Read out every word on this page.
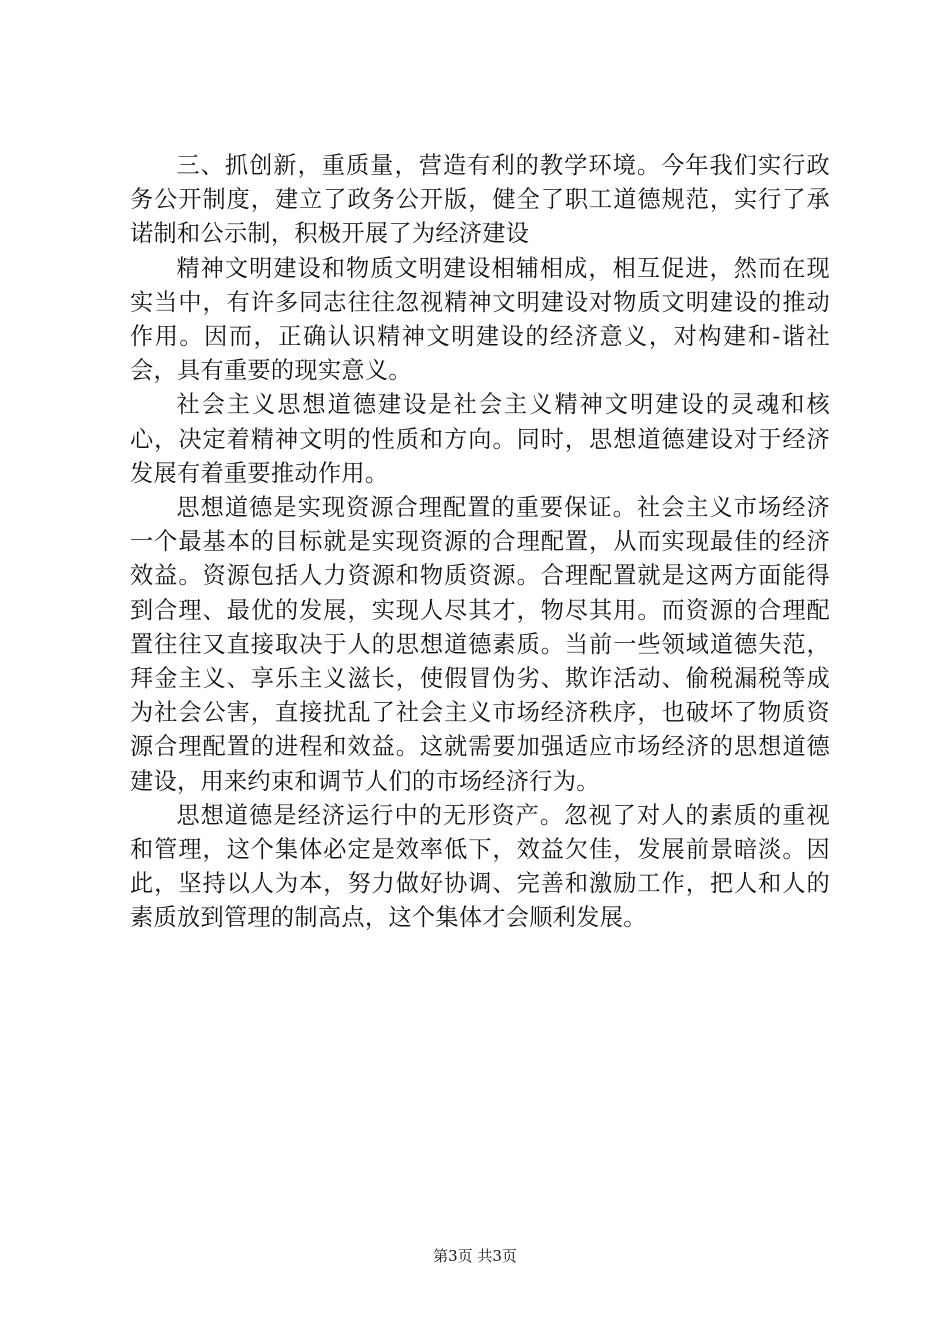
三、抓创新，重质量，营造有利的教学环境。今年我们实行政务公开制度，建立了政务公开版，健全了职工道德规范，实行了承诺制和公示制，积极开展了为经济建设

精神文明建设和物质文明建设相辅相成，相互促进，然而在现实当中，有许多同志往往忽视精神文明建设对物质文明建设的推动作用。因而，正确认识精神文明建设的经济意义，对构建和-谐社会，具有重要的现实意义。

社会主义思想道德建设是社会主义精神文明建设的灵魂和核心，决定着精神文明的性质和方向。同时，思想道德建设对于经济发展有着重要推动作用。

思想道德是实现资源合理配置的重要保证。社会主义市场经济一个最基本的目标就是实现资源的合理配置，从而实现最佳的经济效益。资源包括人力资源和物质资源。合理配置就是这两方面能得到合理、最优的发展，实现人尽其才，物尽其用。而资源的合理配置往往又直接取决于人的思想道德素质。当前一些领域道德失范，拜金主义、享乐主义滋长，使假冒伪劣、欺诈活动、偷税漏税等成为社会公害，直接扰乱了社会主义市场经济秩序，也破坏了物质资源合理配置的进程和效益。这就需要加强适应市场经济的思想道德建设，用来约束和调节人们的市场经济行为。

思想道德是经济运行中的无形资产。忽视了对人的素质的重视和管理，这个集体必定是效率低下，效益欠佳，发展前景暗淡。因此，坚持以人为本，努力做好协调、完善和激励工作，把人和人的素质放到管理的制高点，这个集体才会顺利发展。

第3页 共3页
